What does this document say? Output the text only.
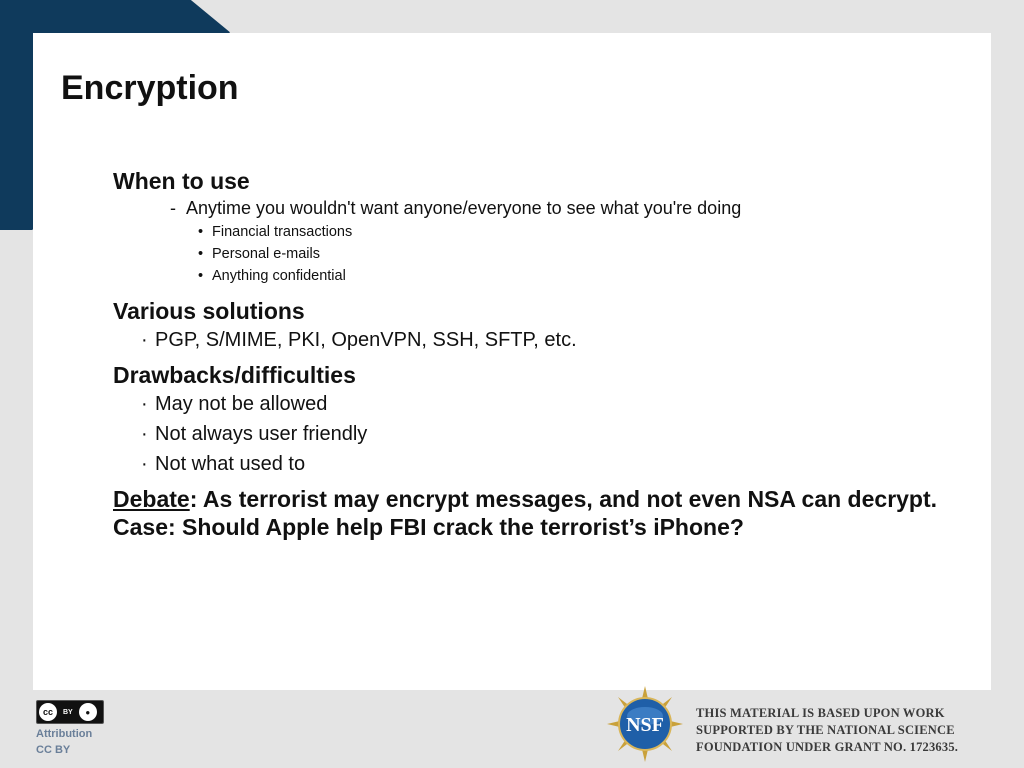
Encryption

When to use

- Anytime you wouldn't want anyone/everyone to see what you're doing

• Financial transactions

• Personal e-mails

• Anything confidential

Various solutions

· PGP, S/MIME, PKI, OpenVPN, SSH, SFTP, etc.

Drawbacks/difficulties

· May not be allowed

· Not always user friendly

· Not what used to

Debate: As terrorist may encrypt messages, and not even NSA can decrypt. Case: Should Apple help FBI crack the terrorist’s iPhone?

cc	BY	●
Attribution
CC BY
NSF
THIS MATERIAL IS BASED UPON WORK
SUPPORTED BY THE NATIONAL SCIENCE
FOUNDATION UNDER GRANT NO. 1723635.
